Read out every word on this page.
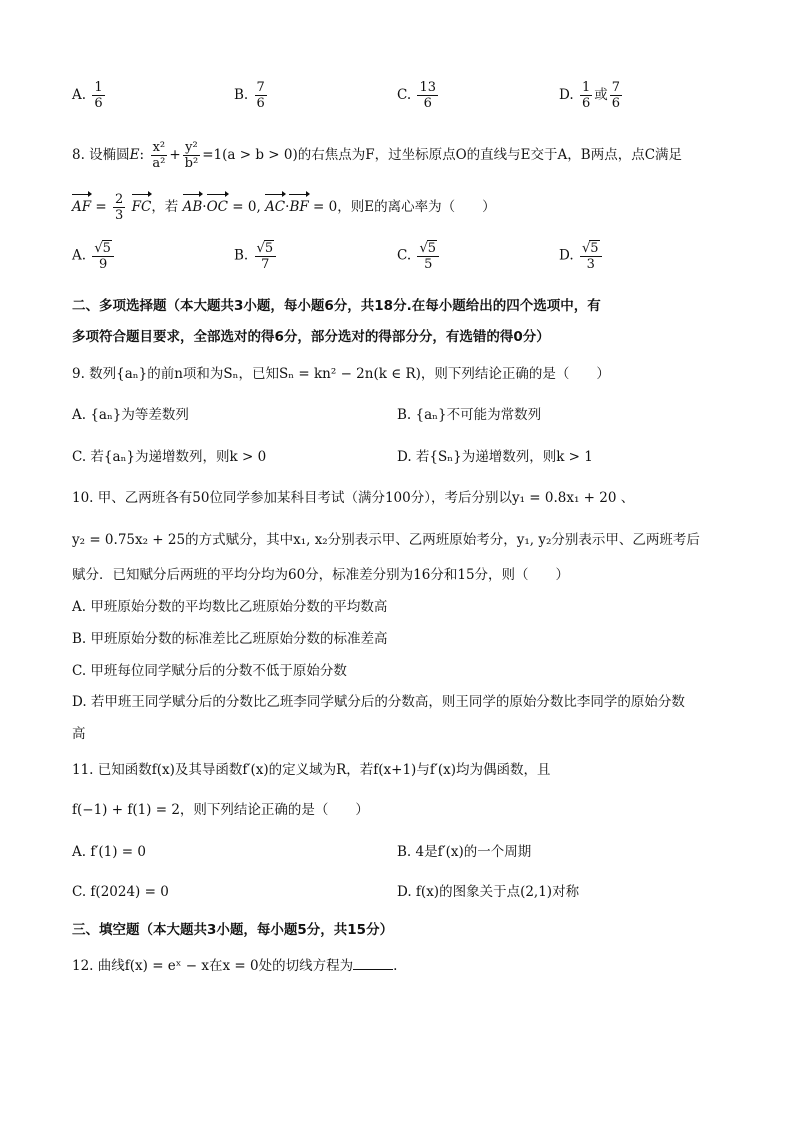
A. $\frac{1}{6}$	B. $\frac{7}{6}$	C. $\frac{13}{6}$	D. $\frac{1}{6}$ 或 $\frac{7}{6}$
8. 设椭圆E: $\frac{\text{x²}}{\text{a²}} + \frac{\text{y²}}{\text{b²}} =1(a > b > 0)$的右焦点为F，过坐标原点O的直线与E交于A，B两点，点C满足
AF = $\frac{2}{3}$ FC，若 AB·OC = 0, AC·BF = 0，则E的离心率为（　　）
A. $\frac{√5}{9}$	B. $\frac{√5}{7}$	C. $\frac{√5}{5}$	D. $\frac{√5}{3}$
二、多项选择题（本大题共3小题，每小题6分，共18分.在每小题给出的四个选项中，有
多项符合题目要求，全部选对的得6分，部分选对的得部分分，有选错的得0分）
9. 数列{aₙ}的前n项和为Sₙ，已知Sₙ = kn² − 2n(k ∈ R)，则下列结论正确的是（　　）
A. {aₙ}为等差数列	B. {aₙ}不可能为常数列
C. 若{aₙ}为递增数列，则k > 0	D. 若{Sₙ}为递增数列，则k > 1
10. 甲、乙两班各有50位同学参加某科目考试（满分100分），考后分别以y₁ = 0.8x₁ + 20 、
y₂ = 0.75x₂ + 25的方式赋分，其中x₁, x₂分别表示甲、乙两班原始考分，y₁, y₂分别表示甲、乙两班考后
赋分．已知赋分后两班的平均分均为60分，标准差分别为16分和15分，则（　　）
A. 甲班原始分数的平均数比乙班原始分数的平均数高
B. 甲班原始分数的标准差比乙班原始分数的标准差高
C. 甲班每位同学赋分后的分数不低于原始分数
D. 若甲班王同学赋分后的分数比乙班李同学赋分后的分数高，则王同学的原始分数比李同学的原始分数
高
11. 已知函数f(x)及其导函数f′(x)的定义域为R，若f(x+1)与f′(x)均为偶函数，且
f(−1) + f(1) = 2，则下列结论正确的是（　　）
A. f′(1) = 0	B. 4是f′(x)的一个周期
C. f(2024) = 0	D. f(x)的图象关于点(2,1)对称
三、填空题（本大题共3小题，每小题5分，共15分）
12. 曲线f(x) = eˣ − x在x = 0处的切线方程为	.
